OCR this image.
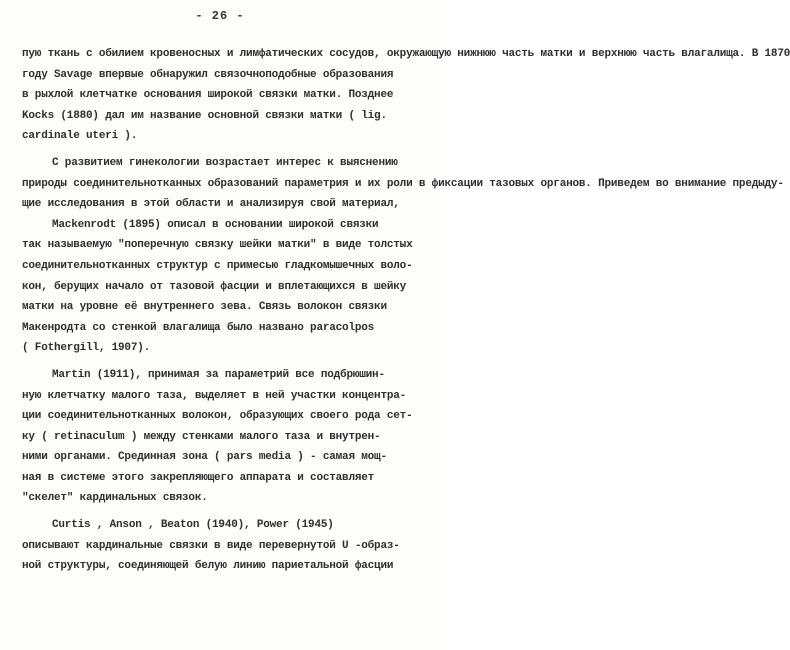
- 26 -
пую ткань с обилием кровеносных и лимфатических сосудов, окружающую нижнюю часть матки и верхнюю часть влагалища. В 1870
году Savage впервые обнаружил связочноподобные образования
в рыхлой клетчатке основания широкой связки матки. Позднее
Kocks (1880) дал им название основной связки матки ( lig.
cardinale uteri ).
С развитием гинекологии возрастает интерес к выяснению
природы соединительнотканных образований параметрия и их роли в фиксации тазовых органов. Приведем во внимание предыду-
щие исследования в этой области и анализируя свой материал,
Mackenrodt (1895) описал в основании широкой связки
так называемую "поперечную связку шейки матки" в виде толстых
соединительнотканных структур с примесью гладкомышечных воло-
кон, берущих начало от тазовой фасции и вплетающихся в шейку
матки на уровне её внутреннего зева. Связь волокон связки
Макенродта со стенкой влагалища было названо paracolpos
( Fothergill, 1907).
Martin (1911), принимая за параметрий все подбрюшин-
ную клетчатку малого таза, выделяет в ней участки концентра-
ции соединительнотканных волокон, образующих своего рода сет-
ку ( retinaculum ) между стенками малого таза и внутрен-
ними органами. Срединная зона ( pars media ) - самая мощ-
ная в системе этого закрепляющего аппарата и составляет
"скелет" кардинальных связок.
Curtis , Anson , Beaton (1940), Power (1945)
описывают кардинальные связки в виде перевернутой U -образ-
ной структуры, соединяющей белую линию париетальной фасции
